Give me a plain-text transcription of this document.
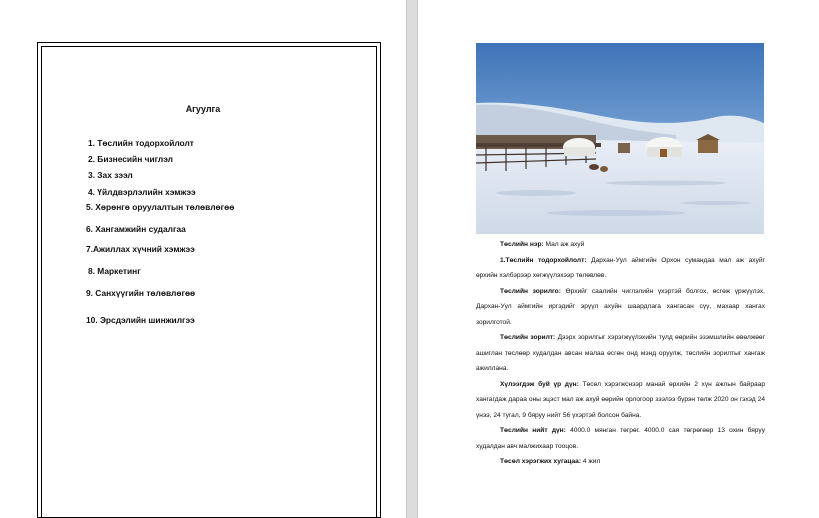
Агуулга
1. Төслийн тодорхойлолт
2. Бизнесийн чиглэл
3. Зах зээл
4. Үйлдвэрлэлийн хэмжээ
5. Хөрөнгө оруулалтын төлөвлөгөө
6. Хангамжийн судалгаа
7.Ажиллах хүчний хэмжээ
8. Маркетинг
9. Санхүүгийн төлөвлөгөө
10. Эрсдэлийн шинжилгээ

Төслийн нэр: Мал аж ахуй

1.Төслийн тодорхойлолт: Дархан-Уул аймгийн Орхон сумандаа мал аж ахуйг өрхийн хэлбэрээр хөгжүүлэхээр төлөвлөв.

Төслийн зорилго: Өрхийг саалийн чиглэлийн үхэртэй болгох, өсгөж үржүүлэх, Дархан-Уул аймгийн иргэдийг эрүүл ахуйн шаардлага хангасан сүү, махаар хангах зорилготой.

Төслийн зорилт: Дээрх зорилгыг хэрэгжүүлэхийн тулд өөрийн эзэмшлийн өвөлжөөг ашиглан төслөөр худалдан авсан малаа өсгөн онд мэнд оруулж, төслийн зорилтыг хангаж ажиллана.

Хүлээгдэж буй үр дүн: Төсөл хэрэгжснээр манай өрхийн 2 хүн ажлын байраар хангагдаж дараа оны эцэст мал аж ахуй өөрийн орлогоор зээлээ бүрэн төлж 2020 он гэхэд 24 үнээ, 24 тугал, 9 бяруу нийт 56 үхэртэй болсон байна.

Төслийн нийт дүн: 4000.0 мянган төгрөг. 4000.0 сая төгрөгөөр 13 охин бяруу худалдан авч малжихаар тооцов.

Төсөл хэрэгжих хугацаа: 4 жил
